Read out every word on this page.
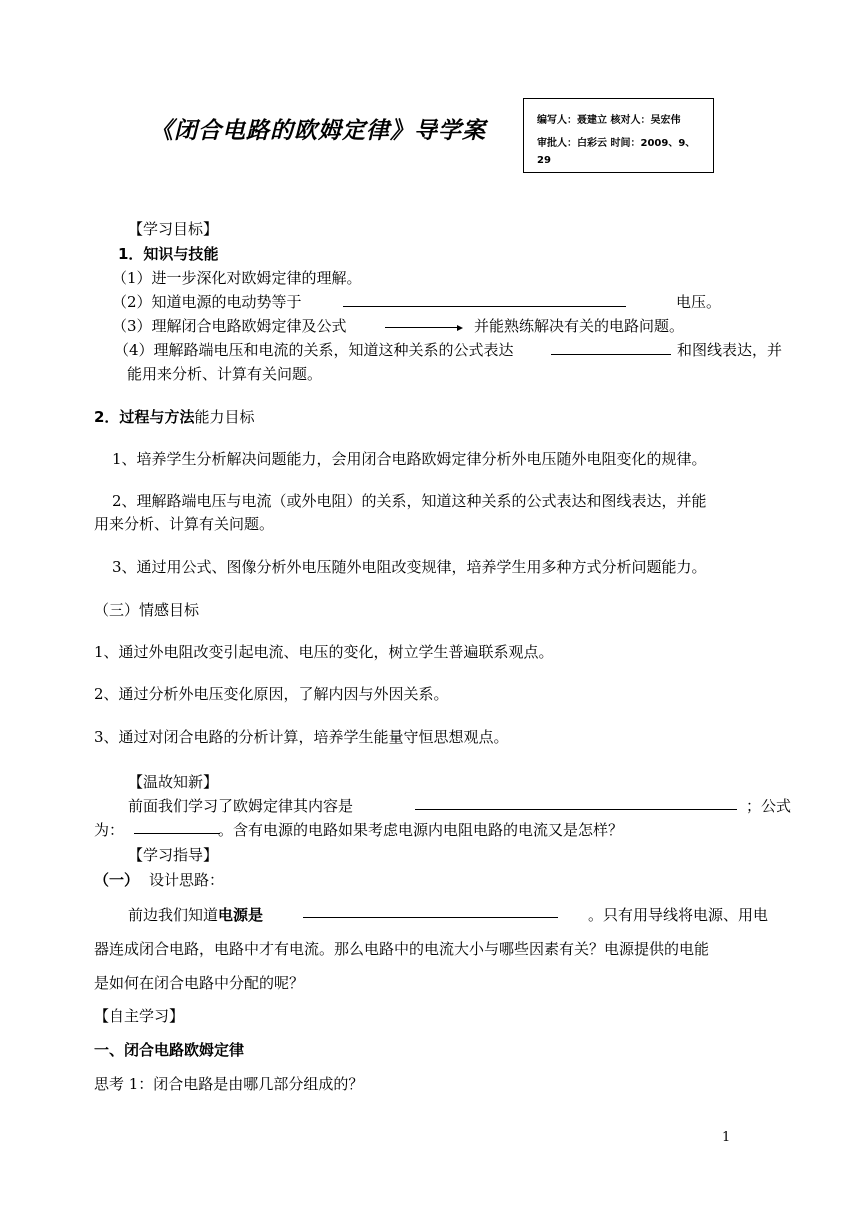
《闭合电路的欧姆定律》导学案	编写人：聂建立 核对人：吴宏伟
审批人：白彩云 时间：2009、9、
29
【学习目标】
1．知识与技能
（1）进一步深化对欧姆定律的理解。
（2）知道电源的电动势等于	电压。
（3）理解闭合电路欧姆定律及公式	并能熟练解决有关的电路问题。
（4）理解路端电压和电流的关系，知道这种关系的公式表达	和图线表达，并
能用来分析、计算有关问题。
2．过程与方法能力目标
1、培养学生分析解决问题能力，会用闭合电路欧姆定律分析外电压随外电阻变化的规律。
2、理解路端电压与电流（或外电阻）的关系，知道这种关系的公式表达和图线表达，并能
用来分析、计算有关问题。
3、通过用公式、图像分析外电压随外电阻改变规律，培养学生用多种方式分析问题能力。
（三）情感目标
1、通过外电阻改变引起电流、电压的变化，树立学生普遍联系观点。
2、通过分析外电压变化原因，了解内因与外因关系。
3、通过对闭合电路的分析计算，培养学生能量守恒思想观点。
【温故知新】
前面我们学习了欧姆定律其内容是	；公式
为：	。含有电源的电路如果考虑电源内电阻电路的电流又是怎样？
【学习指导】
（一） 设计思路：
前边我们知道电源是	。只有用导线将电源、用电
器连成闭合电路，电路中才有电流。那么电路中的电流大小与哪些因素有关？电源提供的电能
是如何在闭合电路中分配的呢？
【自主学习】
一、闭合电路欧姆定律
思考 1：闭合电路是由哪几部分组成的？
1
